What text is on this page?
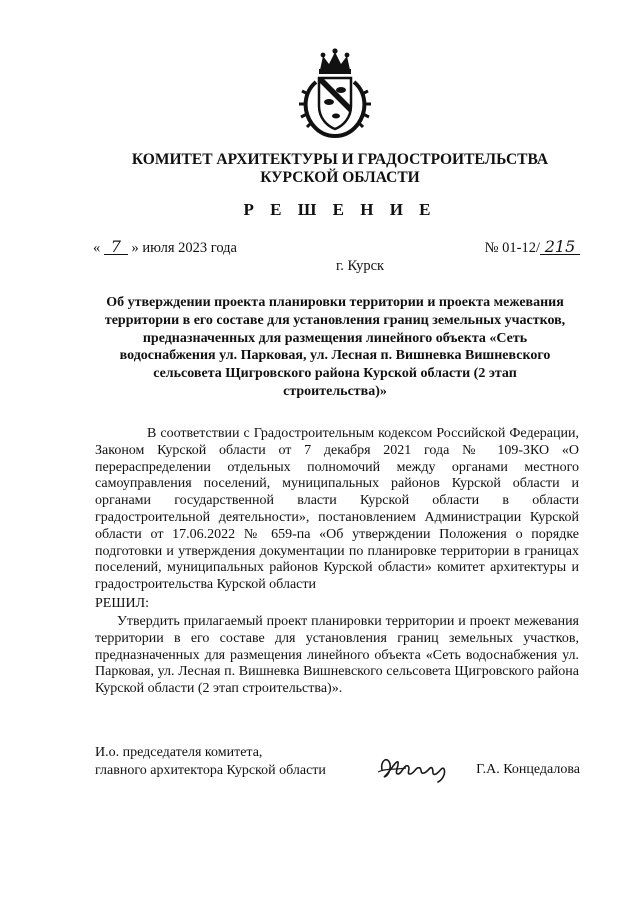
КОМИТЕТ АРХИТЕКТУРЫ И ГРАДОСТРОИТЕЛЬСТВА
КУРСКОЙ ОБЛАСТИ
Р Е Ш Е Н И Е
« 7 » июля 2023 года	№ 01-12/ 215
г. Курск
Об утверждении проекта планировки территории и проекта межевания территории в его составе для установления границ земельных участков, предназначенных для размещения линейного объекта «Сеть водоснабжения ул. Парковая, ул. Лесная п. Вишневка Вишневского сельсовета Щигровского района Курской области (2 этап строительства)»
В соответствии с Градостроительным кодексом Российской Федерации, Законом Курской области от 7 декабря 2021 года № 109-ЗКО «О перераспределении отдельных полномочий между органами местного самоуправления поселений, муниципальных районов Курской области и органами государственной власти Курской области в области градостроительной деятельности», постановлением Администрации Курской области от 17.06.2022 № 659-па «Об утверждении Положения о порядке подготовки и утверждения документации по планировке территории в границах поселений, муниципальных районов Курской области» комитет архитектуры и градостроительства Курской области
РЕШИЛ:
Утвердить прилагаемый проект планировки территории и проект межевания территории в его составе для установления границ земельных участков, предназначенных для размещения линейного объекта «Сеть водоснабжения ул. Парковая, ул. Лесная п. Вишневка Вишневского сельсовета Щигровского района Курской области (2 этап строительства)».
И.о. председателя комитета,
главного архитектора Курской области	Г.А. Концедалова
